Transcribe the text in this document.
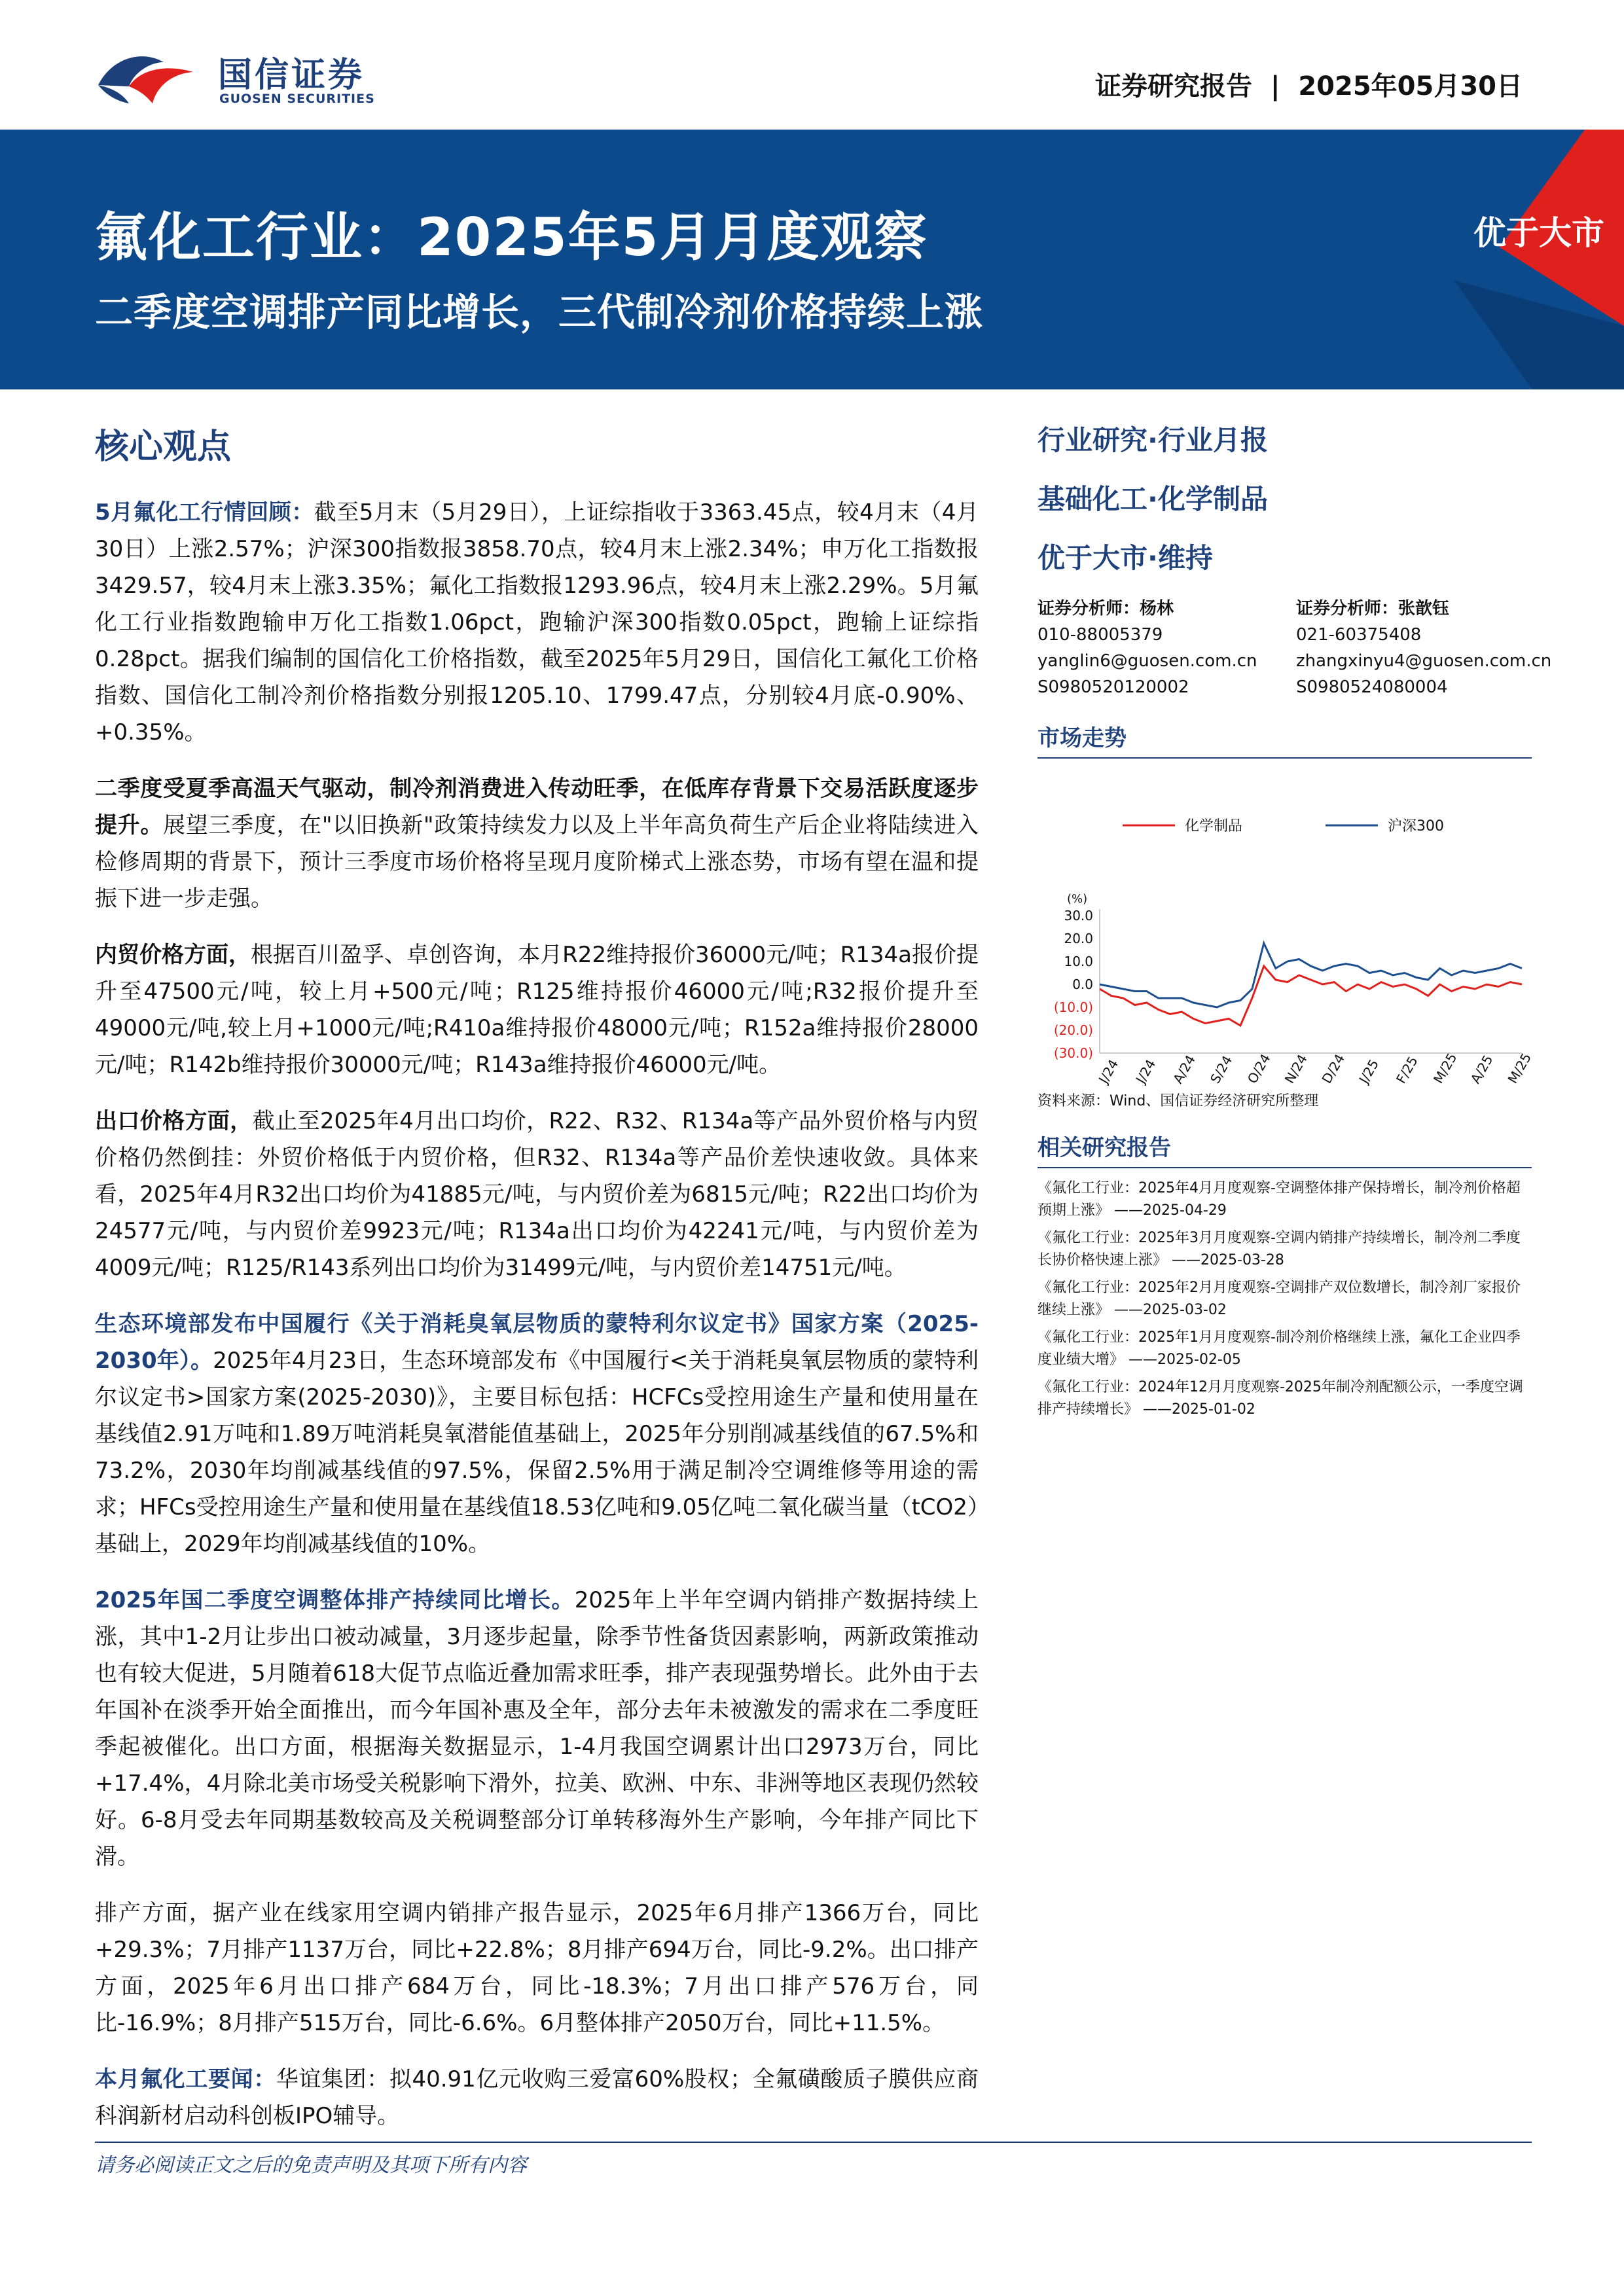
国信证券
GUOSEN SECURITIES	证券研究报告  |  2025年05月30日
氟化工行业：2025年5月月度观察
二季度空调排产同比增长，三代制冷剂价格持续上涨
优于大市
核心观点
5月氟化工行情回顾：截至5月末（5月29日），上证综指收于3363.45点，较4月末（4月30日）上涨2.57%；沪深300指数报3858.70点，较4月末上涨2.34%；申万化工指数报3429.57，较4月末上涨3.35%；氟化工指数报1293.96点，较4月末上涨2.29%。5月氟化工行业指数跑输申万化工指数1.06pct，跑输沪深300指数0.05pct，跑输上证综指0.28pct。据我们编制的国信化工价格指数，截至2025年5月29日，国信化工氟化工价格指数、国信化工制冷剂价格指数分别报1205.10、1799.47点，分别较4月底-0.90%、+0.35%。
二季度受夏季高温天气驱动，制冷剂消费进入传动旺季，在低库存背景下交易活跃度逐步提升。展望三季度，在"以旧换新"政策持续发力以及上半年高负荷生产后企业将陆续进入检修周期的背景下，预计三季度市场价格将呈现月度阶梯式上涨态势，市场有望在温和提振下进一步走强。
内贸价格方面，根据百川盈孚、卓创咨询，本月R22维持报价36000元/吨；R134a报价提升至47500元/吨，较上月+500元/吨；R125维持报价46000元/吨;R32报价提升至49000元/吨,较上月+1000元/吨;R410a维持报价48000元/吨；R152a维持报价28000元/吨；R142b维持报价30000元/吨；R143a维持报价46000元/吨。
出口价格方面，截止至2025年4月出口均价，R22、R32、R134a等产品外贸价格与内贸价格仍然倒挂：外贸价格低于内贸价格，但R32、R134a等产品价差快速收敛。具体来看，2025年4月R32出口均价为41885元/吨，与内贸价差为6815元/吨；R22出口均价为24577元/吨，与内贸价差9923元/吨；R134a出口均价为42241元/吨，与内贸价差为4009元/吨；R125/R143系列出口均价为31499元/吨，与内贸价差14751元/吨。
生态环境部发布中国履行《关于消耗臭氧层物质的蒙特利尔议定书》国家方案（2025-2030年）。2025年4月23日，生态环境部发布《中国履行<关于消耗臭氧层物质的蒙特利尔议定书>国家方案(2025-2030)》，主要目标包括：HCFCs受控用途生产量和使用量在基线值2.91万吨和1.89万吨消耗臭氧潜能值基础上，2025年分别削减基线值的67.5%和73.2%，2030年均削减基线值的97.5%，保留2.5%用于满足制冷空调维修等用途的需求；HFCs受控用途生产量和使用量在基线值18.53亿吨和9.05亿吨二氧化碳当量（tCO2）基础上，2029年均削减基线值的10%。
2025年国二季度空调整体排产持续同比增长。2025年上半年空调内销排产数据持续上涨，其中1-2月让步出口被动减量，3月逐步起量，除季节性备货因素影响，两新政策推动也有较大促进，5月随着618大促节点临近叠加需求旺季，排产表现强势增长。此外由于去年国补在淡季开始全面推出，而今年国补惠及全年，部分去年未被激发的需求在二季度旺季起被催化。出口方面，根据海关数据显示，1-4月我国空调累计出口2973万台，同比+17.4%，4月除北美市场受关税影响下滑外，拉美、欧洲、中东、非洲等地区表现仍然较好。6-8月受去年同期基数较高及关税调整部分订单转移海外生产影响，今年排产同比下滑。
排产方面，据产业在线家用空调内销排产报告显示，2025年6月排产1366万台，同比+29.3%；7月排产1137万台，同比+22.8%；8月排产694万台，同比-9.2%。出口排产方面，2025年6月出口排产684万台，同比-18.3%；7月出口排产576万台，同比-16.9%；8月排产515万台，同比-6.6%。6月整体排产2050万台，同比+11.5%。
本月氟化工要闻：华谊集团：拟40.91亿元收购三爱富60%股权；全氟磺酸质子膜供应商科润新材启动科创板IPO辅导。
行业研究·行业月报
基础化工·化学制品
优于大市·维持
证券分析师：杨林
010-88005379
yanglin6@guosen.com.cn
S0980520120002
证券分析师：张歆钰
021-60375408
zhangxinyu4@guosen.com.cn
S0980524080004
市场走势
化学制品	沪深300
(%)
30.0
20.0
10.0
0.0
(10.0)
(20.0)
(30.0)
J/24 J/24 A/24 S/24 O/24 N/24 D/24 J/25 F/25 M/25 A/25 M/25
资料来源：Wind、国信证券经济研究所整理
相关研究报告
《氟化工行业：2025年4月月度观察-空调整体排产保持增长，制冷剂价格超预期上涨》 ——2025-04-29
《氟化工行业：2025年3月月度观察-空调内销排产持续增长，制冷剂二季度长协价格快速上涨》 ——2025-03-28
《氟化工行业：2025年2月月度观察-空调排产双位数增长，制冷剂厂家报价继续上涨》 ——2025-03-02
《氟化工行业：2025年1月月度观察-制冷剂价格继续上涨，氟化工企业四季度业绩大增》 ——2025-02-05
《氟化工行业：2024年12月月度观察-2025年制冷剂配额公示，一季度空调排产持续增长》 ——2025-01-02
请务必阅读正文之后的免责声明及其项下所有内容
